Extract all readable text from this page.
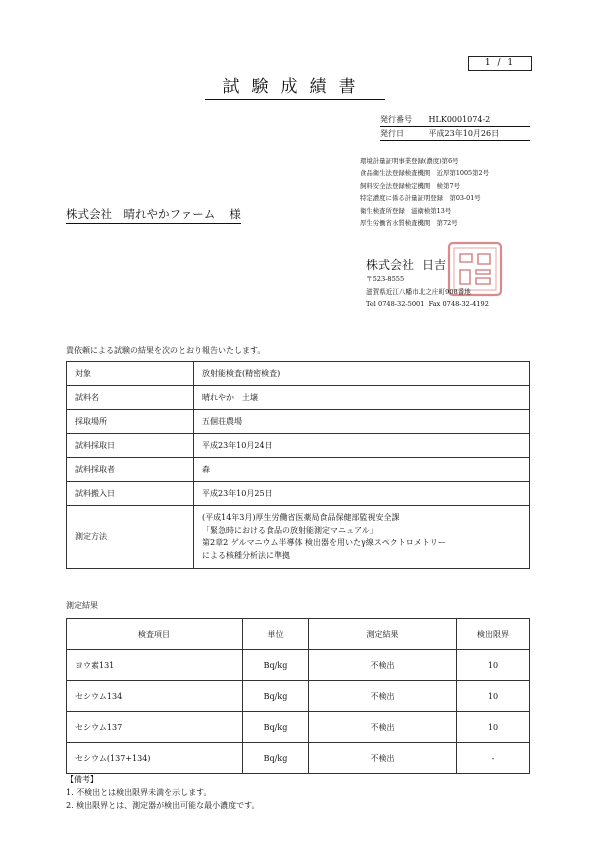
1 / 1
試験成績書
発行番号 HLK0001074-2
発行日	平成23年10月26日
環境計量証明事業登録(濃度)第6号
食品衛生法登録検査機関　近厚第1005第2号
飼料安全法登録検定機関　検第7号
特定濃度に係る計量証明登録　第03-01号
衛生検査所登録　滋衛検第13号
厚生労働省水質検査機関　第72号
株式会社　晴れやかファーム 様
株式会社 日吉
〒523-8555
滋賀県近江八幡市北之庄町908番地
Tel 0748-32-5001 Fax 0748-32-4192
貴依頼による試験の結果を次のとおり報告いたします。
対象	放射能検査(精密検査)
試料名	晴れやか　土壌
採取場所	五個荘農場
試料採取日	平成23年10月24日
試料採取者	森
試料搬入日	平成23年10月25日
測定方法	(平成14年3月)厚生労働省医薬局食品保健部監視安全課
「緊急時における食品の放射能測定マニュアル」
第2章2 ゲルマニウム半導体 検出器を用いたγ線スペクトロメトリー
による核種分析法に準拠
測定結果
検査項目	単位	測定結果	検出限界
ヨウ素131	Bq/kg	不検出	10
セシウム134	Bq/kg	不検出	10
セシウム137	Bq/kg	不検出	10
セシウム(137+134)	Bq/kg	不検出	-
【備考】
1. 不検出とは検出限界未満を示します。
2. 検出限界とは、測定器が検出可能な最小濃度です。
